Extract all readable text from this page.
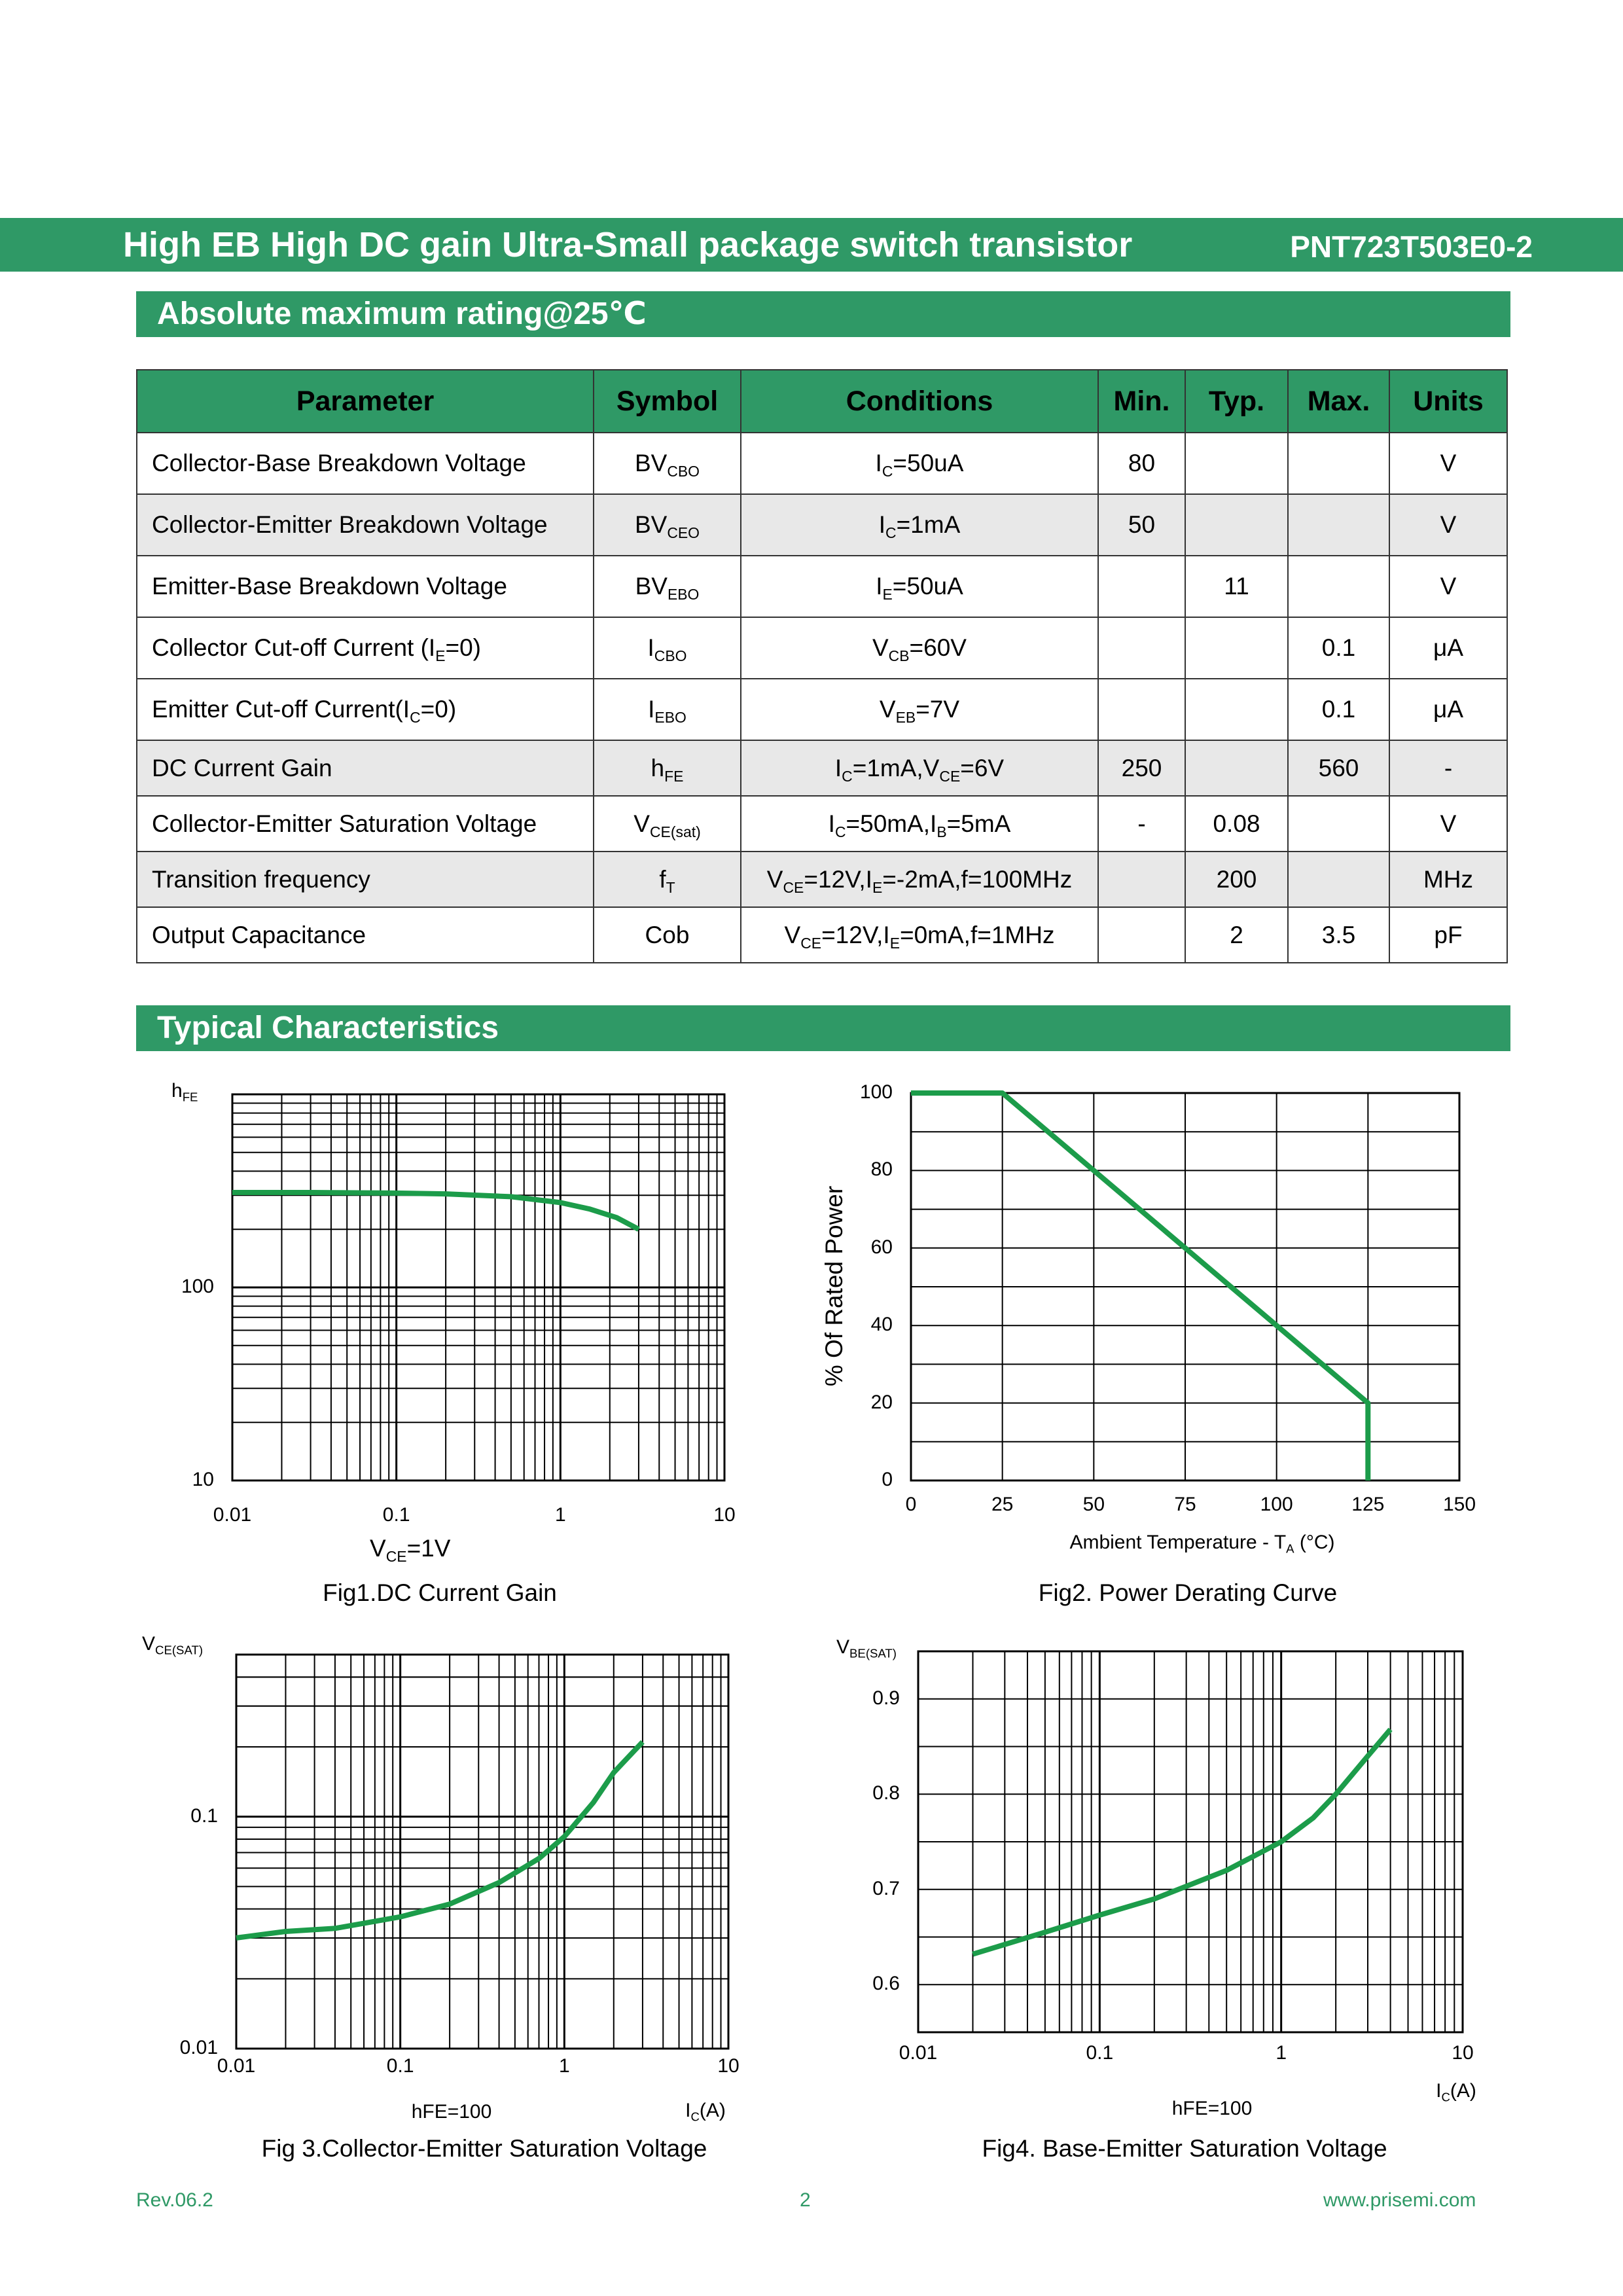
High EB High DC gain Ultra-Small package switch transistor	PNT723T503E0-2
Absolute maximum rating@25℃
Parameter	Symbol	Conditions	Min.	Typ.	Max.	Units
Collector-Base Breakdown Voltage	$BV_{CBO}$	$I_C=50uA$	80			V
Collector-Emitter Breakdown Voltage	$BV_{CEO}$	$I_C=1mA$	50			V
Emitter-Base Breakdown Voltage	$BV_{EBO}$	$I_E=50uA$		11		V
Collector Cut-off Current $(I_E=0)$	$I_{CBO}$	$V_{CB}=60V$			0.1	μA
Emitter Cut-off $Current(I_C=0)$	$I_{EBO}$	$V_{EB}=7V$			0.1	μA
DC Current Gain	$h_{FE}$	$I_C=1mA,V_{CE}=6V$	250		560	-
Collector-Emitter Saturation Voltage	$V_{CE(sat)}$	$I_C=50mA,I_B=5mA$	-	0.08		V
Transition frequency	$f_T$	$V_{CE}=12V,I_E=-2mA,f=100MHz$		200		MHz
Output Capacitance	Cob	$V_{CE}=12V,I_E=0mA,f=1MHz$		2	3.5	pF
Typical Characteristics
0.01	0.1	1	10
10
100
$h_{FE}$
$V_{CE}=1V$
Fig1.DC Current Gain
0	25	50	75	100	125	150
0
20
40
60
80
100
% Of Rated Power
Ambient Temperature - $T_A$ (°C)
Fig2. Power Derating Curve
0.01	0.1	1	10
0.01
0.1
$V_{CE(SAT)}$
hFE=100	$I_C(A)$
Fig 3.Collector-Emitter Saturation Voltage
0.01	0.1	1	10
0.6
0.7
0.8
0.9
$V_{BE(SAT)}$
$I_C(A)$
hFE=100
Fig4. Base-Emitter Saturation Voltage
Rev.06.2	2	www.prisemi.com
